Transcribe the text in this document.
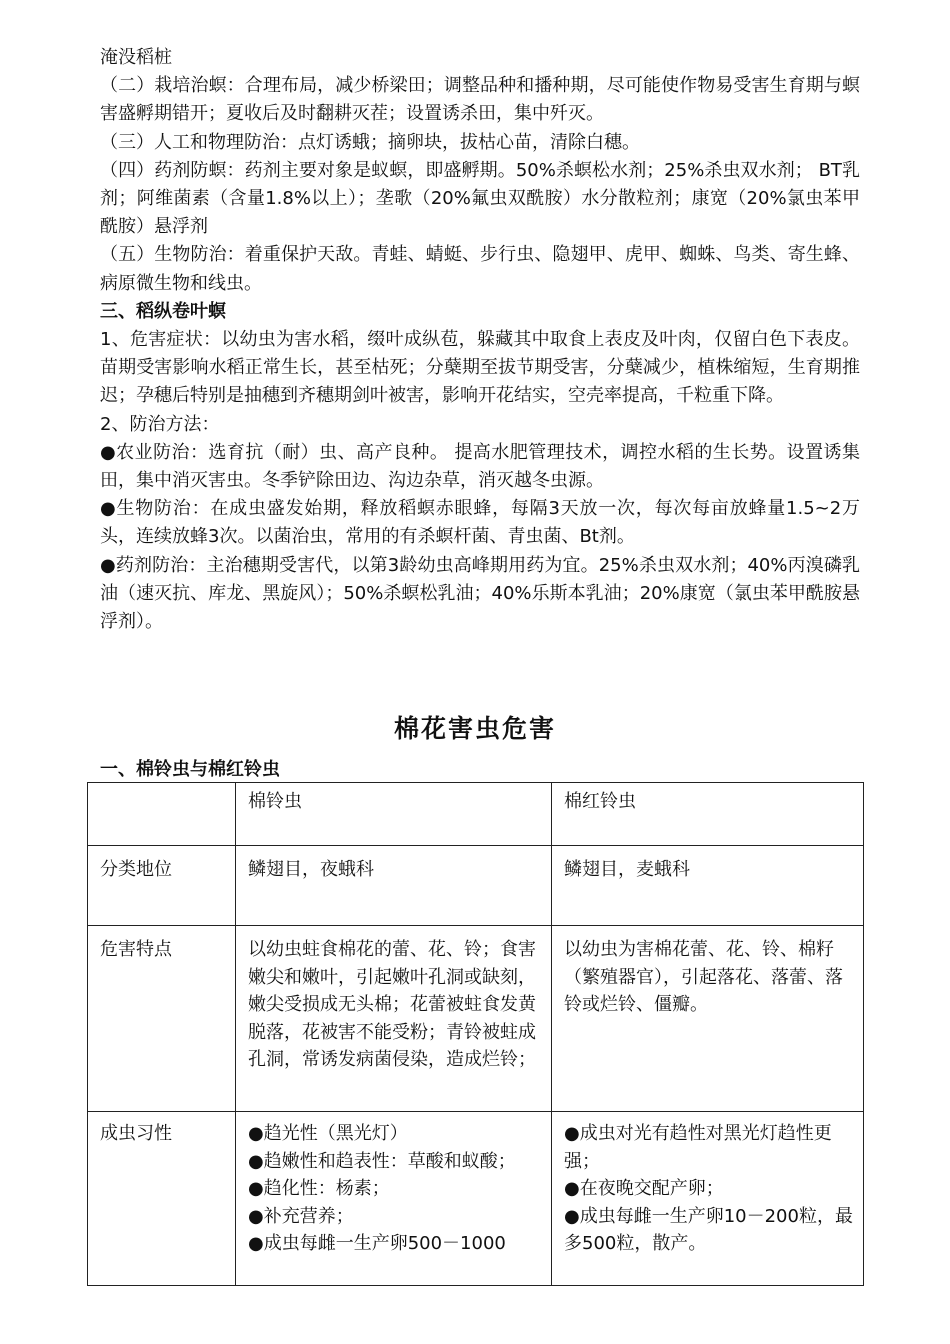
淹没稻桩

（二）栽培治螟：合理布局，减少桥梁田；调整品种和播种期，尽可能使作物易受害生育期与螟害盛孵期错开；夏收后及时翻耕灭茬；设置诱杀田，集中歼灭。

（三）人工和物理防治：点灯诱蛾；摘卵块，拔枯心苗，清除白穗。

（四）药剂防螟：药剂主要对象是蚁螟，即盛孵期。50%杀螟松水剂；25%杀虫双水剂； BT乳剂；阿维菌素（含量1.8%以上）；垄歌（20%氟虫双酰胺）水分散粒剂；康宽（20%氯虫苯甲酰胺）悬浮剂

（五）生物防治：着重保护天敌。青蛙、蜻蜓、步行虫、隐翅甲、虎甲、蜘蛛、鸟类、寄生蜂、病原微生物和线虫。

三、稻纵卷叶螟

1、危害症状：以幼虫为害水稻，缀叶成纵苞，躲藏其中取食上表皮及叶肉，仅留白色下表皮。苗期受害影响水稻正常生长，甚至枯死；分蘖期至拔节期受害，分蘖减少，植株缩短，生育期推迟；孕穗后特别是抽穗到齐穗期剑叶被害，影响开花结实，空壳率提高，千粒重下降。

2、防治方法：

●农业防治：选育抗（耐）虫、高产良种。 提高水肥管理技术，调控水稻的生长势。设置诱集田，集中消灭害虫。冬季铲除田边、沟边杂草，消灭越冬虫源。

●生物防治：在成虫盛发始期，释放稻螟赤眼蜂，每隔3天放一次，每次每亩放蜂量1.5~2万头，连续放蜂3次。以菌治虫，常用的有杀螟杆菌、青虫菌、Bt剂。

●药剂防治：主治穗期受害代，以第3龄幼虫高峰期用药为宜。25%杀虫双水剂；40%丙溴磷乳油（速灭抗、库龙、黑旋风）；50%杀螟松乳油；40%乐斯本乳油；20%康宽（氯虫苯甲酰胺悬浮剂）。

棉花害虫危害
一、棉铃虫与棉红铃虫
	棉铃虫	棉红铃虫
分类地位	鳞翅目，夜蛾科	鳞翅目，麦蛾科

危害特点	以幼虫蛀食棉花的蕾、花、铃；食害嫩尖和嫩叶，引起嫩叶孔洞或缺刻，嫩尖受损成无头棉；花蕾被蛀食发黄脱落，花被害不能受粉；青铃被蛀成孔洞，常诱发病菌侵染，造成烂铃；	以幼虫为害棉花蕾、花、铃、棉籽（繁殖器官），引起落花、落蕾、落铃或烂铃、僵瓣。

成虫习性	●趋光性（黑光灯）
●趋嫩性和趋表性：草酸和蚁酸；
●趋化性：杨素；
●补充营养；
●成虫每雌一生产卵500－1000	●成虫对光有趋性对黑光灯趋性更强；
●在夜晚交配产卵；
●成虫每雌一生产卵10－200粒，最多500粒，散产。
